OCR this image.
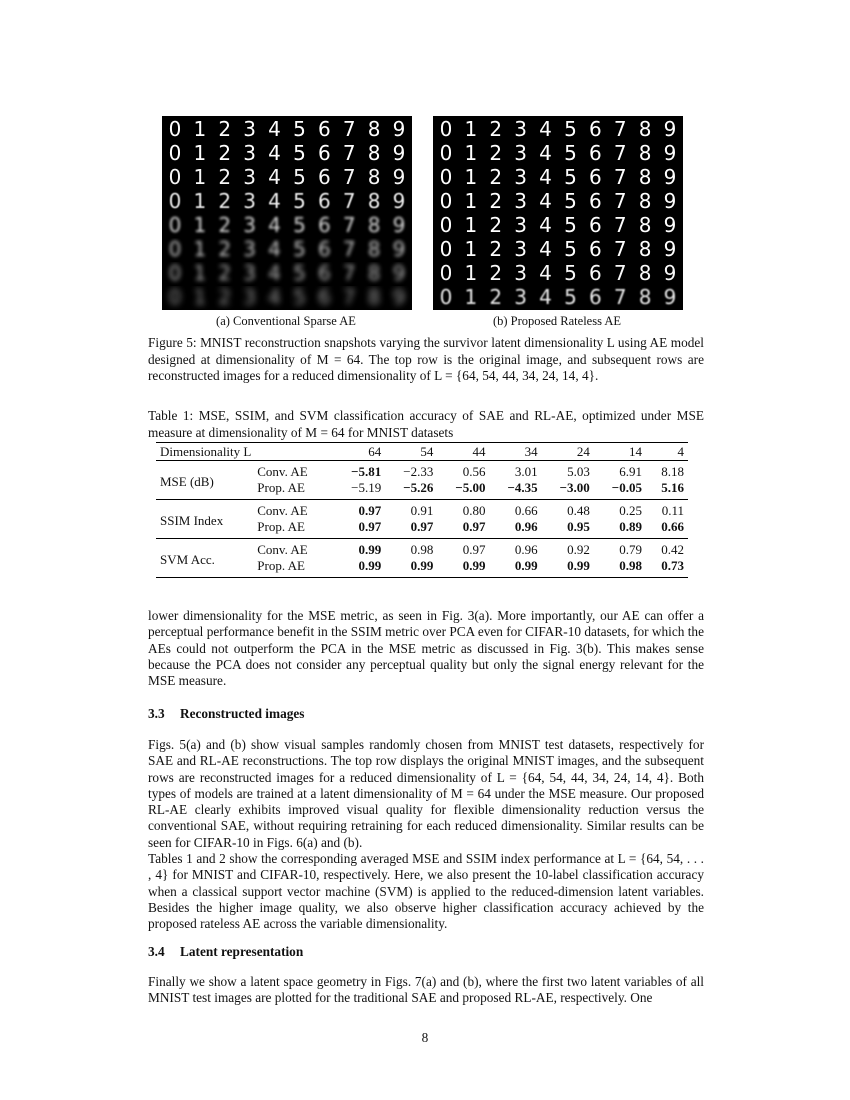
0 1 2 3 4 5 6 7 8 9
0 1 2 3 4 5 6 7 8 9
0 1 2 3 4 5 6 7 8 9
0 1 2 3 4 5 6 7 8 9
0 1 2 3 4 5 6 7 8 9
0 1 2 3 4 5 6 7 8 9
0 1 2 3 4 5 6 7 8 9
0 1 2 3 4 5 6 7 8 9
0 1 2 3 4 5 6 7 8 9
0 1 2 3 4 5 6 7 8 9
0 1 2 3 4 5 6 7 8 9
0 1 2 3 4 5 6 7 8 9
0 1 2 3 4 5 6 7 8 9
0 1 2 3 4 5 6 7 8 9
0 1 2 3 4 5 6 7 8 9
0 1 2 3 4 5 6 7 8 9
(a) Conventional Sparse AE	(b) Proposed Rateless AE
Figure 5: MNIST reconstruction snapshots varying the survivor latent dimensionality L using AE model designed at dimensionality of M = 64. The top row is the original image, and subsequent rows are reconstructed images for a reduced dimensionality of L = {64, 54, 44, 34, 24, 14, 4}.
Table 1: MSE, SSIM, and SVM classification accuracy of SAE and RL-AE, optimized under MSE measure at dimensionality of M = 64 for MNIST datasets
Dimensionality L		64	54	44	34	24	14	4
MSE (dB)	Conv. AE	−5.81	−2.33	0.56	3.01	5.03	6.91	8.18
	Prop. AE	−5.19	−5.26	−5.00	−4.35	−3.00	−0.05	5.16
SSIM Index	Conv. AE	0.97	0.91	0.80	0.66	0.48	0.25	0.11
	Prop. AE	0.97	0.97	0.97	0.96	0.95	0.89	0.66
SVM Acc.	Conv. AE	0.99	0.98	0.97	0.96	0.92	0.79	0.42
	Prop. AE	0.99	0.99	0.99	0.99	0.99	0.98	0.73
lower dimensionality for the MSE metric, as seen in Fig. 3(a). More importantly, our AE can offer a perceptual performance benefit in the SSIM metric over PCA even for CIFAR-10 datasets, for which the AEs could not outperform the PCA in the MSE metric as discussed in Fig. 3(b). This makes sense because the PCA does not consider any perceptual quality but only the signal energy relevant for the MSE measure.
3.3 Reconstructed images
Figs. 5(a) and (b) show visual samples randomly chosen from MNIST test datasets, respectively for SAE and RL-AE reconstructions. The top row displays the original MNIST images, and the subsequent rows are reconstructed images for a reduced dimensionality of L = {64, 54, 44, 34, 24, 14, 4}. Both types of models are trained at a latent dimensionality of M = 64 under the MSE measure. Our proposed RL-AE clearly exhibits improved visual quality for flexible dimensionality reduction versus the conventional SAE, without requiring retraining for each reduced dimensionality. Similar results can be seen for CIFAR-10 in Figs. 6(a) and (b).
Tables 1 and 2 show the corresponding averaged MSE and SSIM index performance at L = {64, 54, . . . , 4} for MNIST and CIFAR-10, respectively. Here, we also present the 10-label classification accuracy when a classical support vector machine (SVM) is applied to the reduced-dimension latent variables. Besides the higher image quality, we also observe higher classification accuracy achieved by the proposed rateless AE across the variable dimensionality.
3.4 Latent representation
Finally we show a latent space geometry in Figs. 7(a) and (b), where the first two latent variables of all MNIST test images are plotted for the traditional SAE and proposed RL-AE, respectively. One
8
